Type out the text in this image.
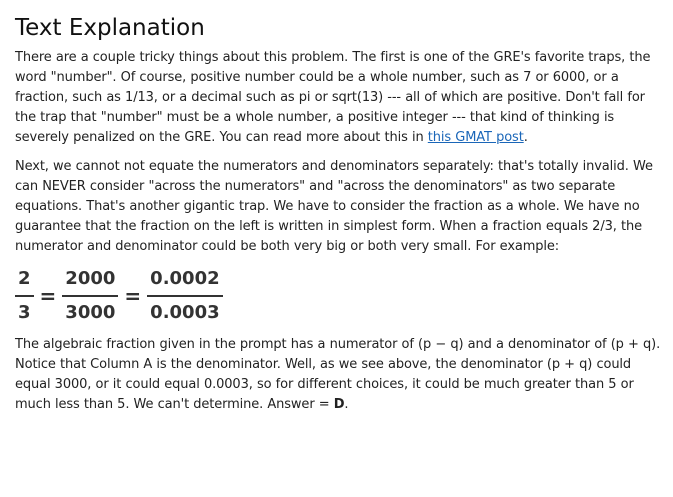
Text Explanation

There are a couple tricky things about this problem. The first is one of the GRE's favorite traps, the word "number". Of course, positive number could be a whole number, such as 7 or 6000, or a fraction, such as 1/13, or a decimal such as pi or sqrt(13) --- all of which are positive. Don't fall for the trap that "number" must be a whole number, a positive integer --- that kind of thinking is severely penalized on the GRE. You can read more about this in this GMAT post.

Next, we cannot not equate the numerators and denominators separately: that's totally invalid. We can NEVER consider "across the numerators" and "across the denominators" as two separate equations. That's another gigantic trap. We have to consider the fraction as a whole. We have no guarantee that the fraction on the left is written in simplest form. When a fraction equals 2/3, the numerator and denominator could be both very big or both very small. For example:

$\frac{2}{3} = \frac{2000}{3000} = \frac{0.0002}{0.0003}$

The algebraic fraction given in the prompt has a numerator of (p − q) and a denominator of (p + q). Notice that Column A is the denominator. Well, as we see above, the denominator (p + q) could equal 3000, or it could equal 0.0003, so for different choices, it could be much greater than 5 or much less than 5. We can't determine. Answer = D.
